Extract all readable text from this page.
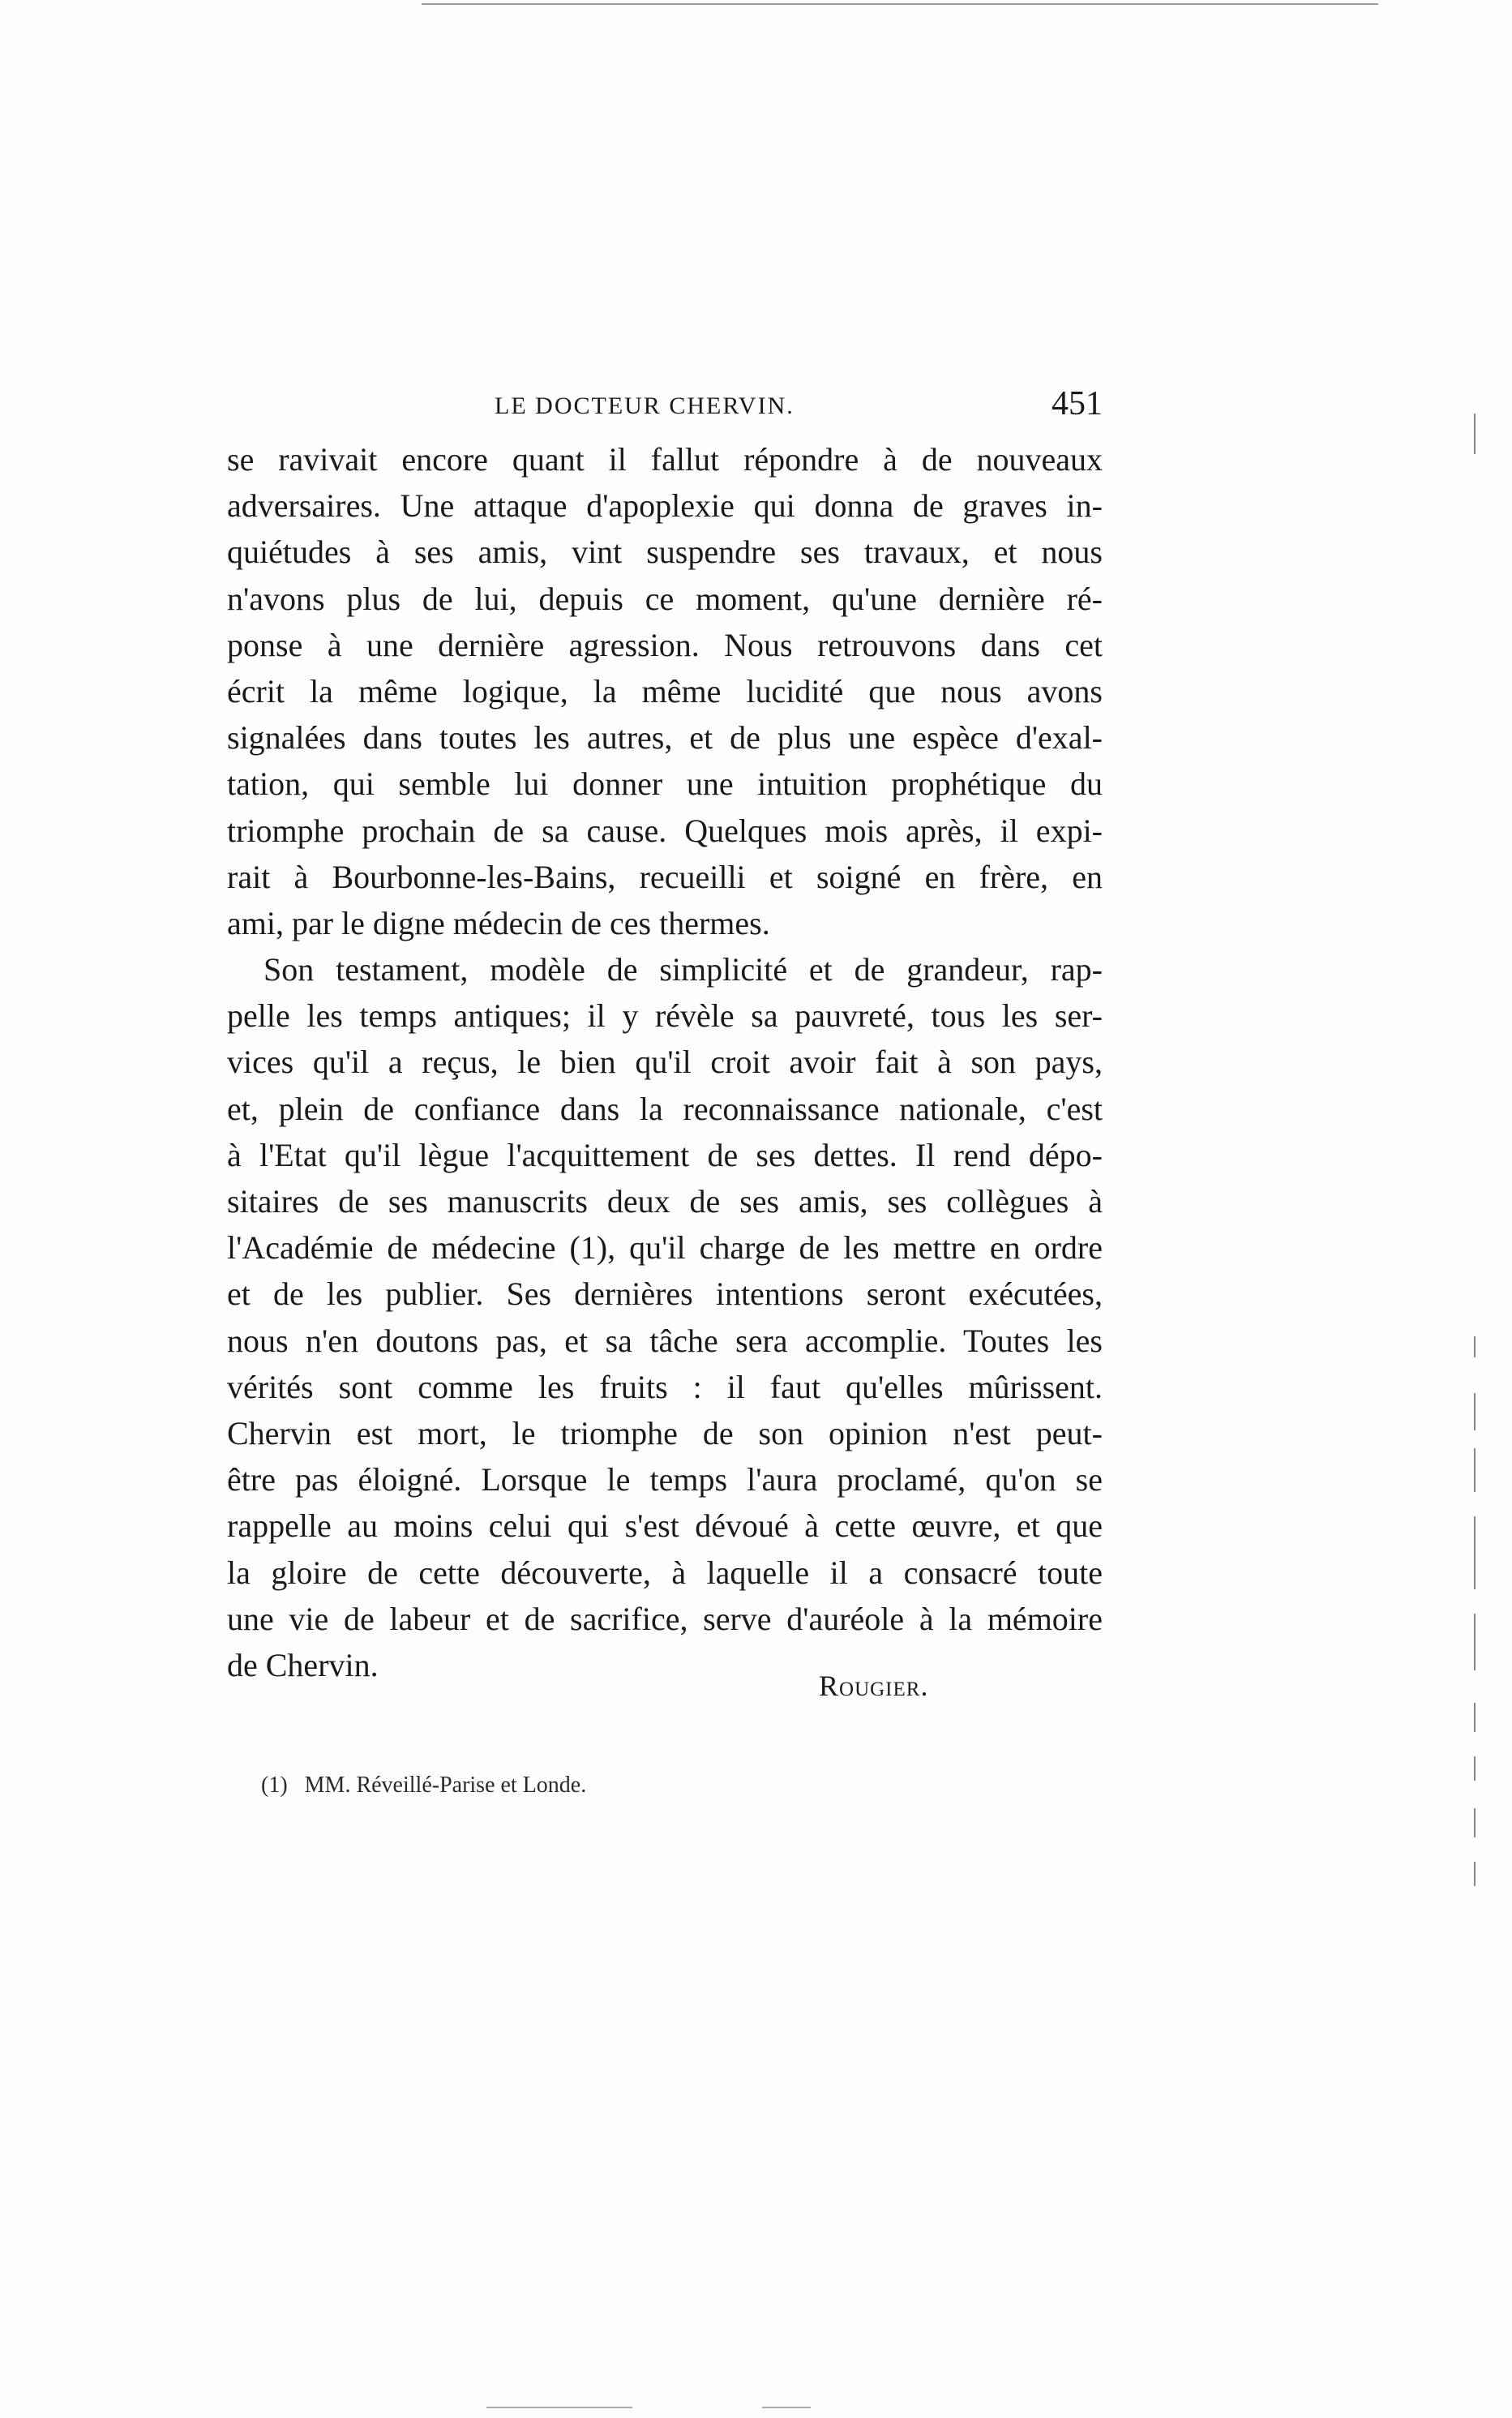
LE DOCTEUR CHERVIN.	451
se ravivait encore quant il fallut répondre à de nouveaux
adversaires. Une attaque d'apoplexie qui donna de graves in-
quiétudes à ses amis, vint suspendre ses travaux, et nous
n'avons plus de lui, depuis ce moment, qu'une dernière ré-
ponse à une dernière agression. Nous retrouvons dans cet
écrit la même logique, la même lucidité que nous avons
signalées dans toutes les autres, et de plus une espèce d'exal-
tation, qui semble lui donner une intuition prophétique du
triomphe prochain de sa cause. Quelques mois après, il expi-
rait à Bourbonne-les-Bains, recueilli et soigné en frère, en
ami, par le digne médecin de ces thermes.
Son testament, modèle de simplicité et de grandeur, rap-
pelle les temps antiques; il y révèle sa pauvreté, tous les ser-
vices qu'il a reçus, le bien qu'il croit avoir fait à son pays,
et, plein de confiance dans la reconnaissance nationale, c'est
à l'Etat qu'il lègue l'acquittement de ses dettes. Il rend dépo-
sitaires de ses manuscrits deux de ses amis, ses collègues à
l'Académie de médecine (1), qu'il charge de les mettre en ordre
et de les publier. Ses dernières intentions seront exécutées,
nous n'en doutons pas, et sa tâche sera accomplie. Toutes les
vérités sont comme les fruits : il faut qu'elles mûrissent.
Chervin est mort, le triomphe de son opinion n'est peut-
être pas éloigné. Lorsque le temps l'aura proclamé, qu'on se
rappelle au moins celui qui s'est dévoué à cette œuvre, et que
la gloire de cette découverte, à laquelle il a consacré toute
une vie de labeur et de sacrifice, serve d'auréole à la mémoire
de Chervin.
Rougier.
(1) MM. Réveillé-Parise et Londe.
